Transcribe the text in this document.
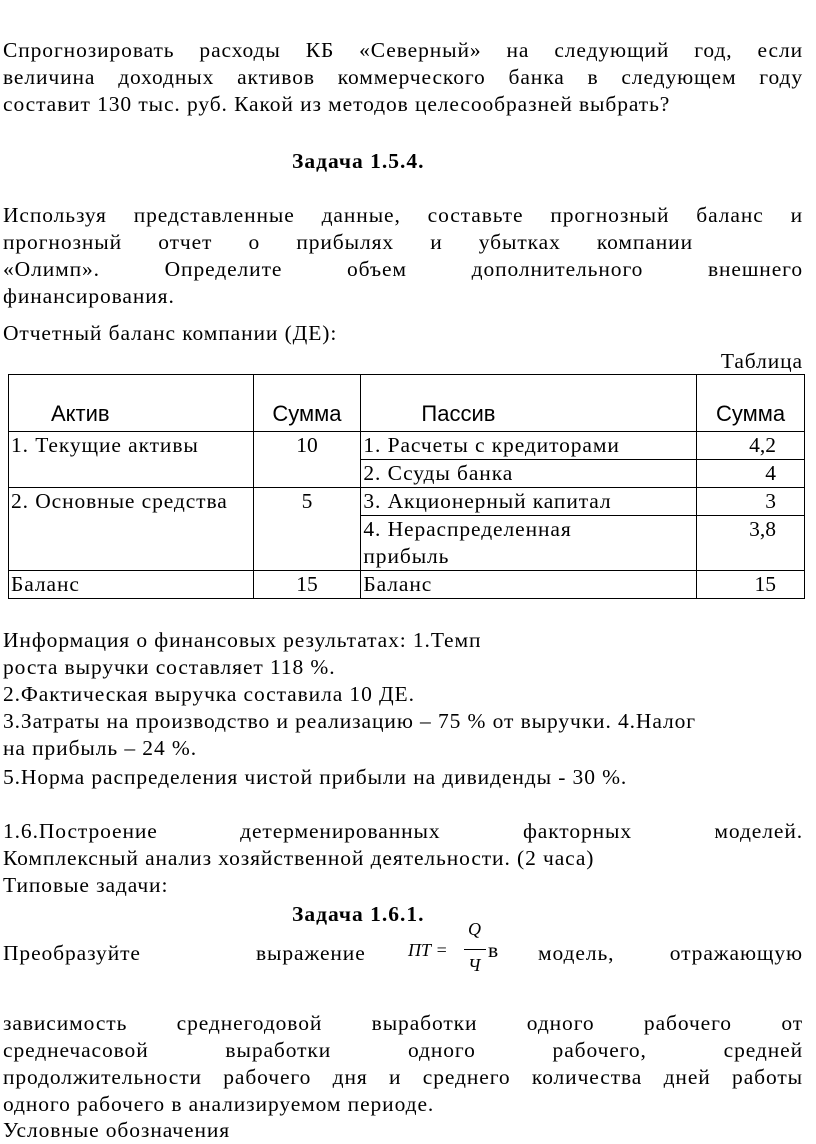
Спрогнозировать расходы КБ «Северный» на следующий год, если
величина доходных активов коммерческого банка в следующем году
составит 130 тыс. руб. Какой из методов целесообразней выбрать?
Задача 1.5.4.
Используя представленные данные, составьте прогнозный баланс и
прогнозный отчет о прибылях и убытках компании
«Олимп». Определите объем дополнительного внешнего
финансирования.
Отчетный баланс компании (ДЕ):
Таблица
Актив	Сумма	Пассив	Сумма
1. Текущие активы	10	1. Расчеты с кредиторами	4,2
		2. Ссуды банка	4
2. Основные средства	5	3. Акционерный капитал	3
		4. Нераспределенная прибыль	3,8
Баланс	15	Баланс	15
Информация о финансовых результатах: 1.Темп
роста выручки составляет 118 %.
2.Фактическая выручка составила 10 ДЕ.
3.Затраты на производство и реализацию – 75 % от выручки. 4.Налог
на прибыль – 24 %.
5.Норма распределения чистой прибыли на дивиденды - 30 %.
1.6.Построение детерменированных факторных моделей.
Комплексный анализ хозяйственной деятельности. (2 часа)
Типовые задачи:
Задача 1.6.1.
Преобразуйте	выражение	ПТ =
Q
Ч
в модель,	отражающую
зависимость среднегодовой выработки одного рабочего от
среднечасовой выработки одного рабочего, средней
продолжительности рабочего дня и среднего количества дней работы
одного рабочего в анализируемом периоде.
Условные обозначения
